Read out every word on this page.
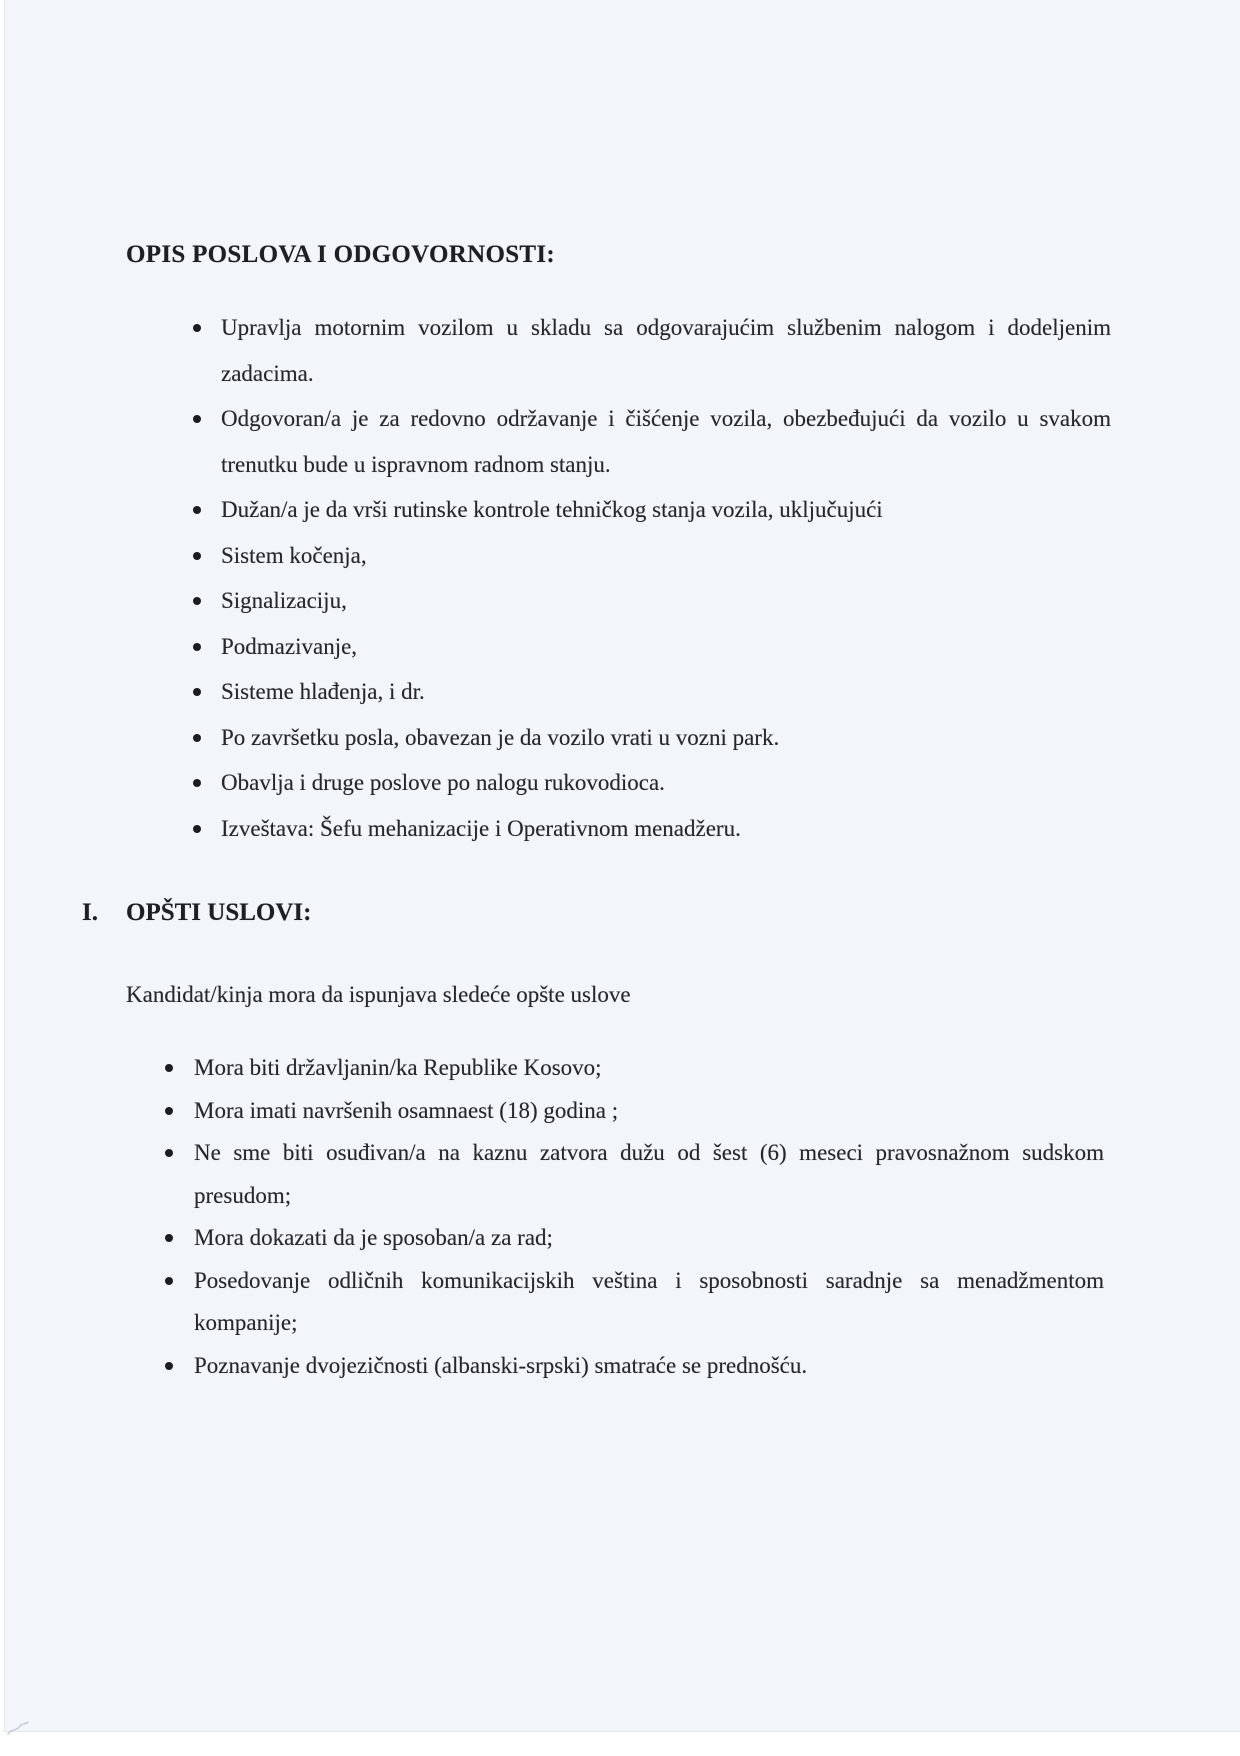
OPIS POSLOVA I ODGOVORNOSTI:
Upravlja motornim vozilom u skladu sa odgovarajućim službenim nalogom i dodeljenim zadacima.
Odgovoran/a je za redovno održavanje i čišćenje vozila, obezbeđujući da vozilo u svakom trenutku bude u ispravnom radnom stanju.
Dužan/a je da vrši rutinske kontrole tehničkog stanja vozila, uključujući
Sistem kočenja,
Signalizaciju,
Podmazivanje,
Sisteme hlađenja, i dr.
Po završetku posla, obavezan je da vozilo vrati u vozni park.
Obavlja i druge poslove po nalogu rukovodioca.
Izveštava: Šefu mehanizacije i Operativnom menadžeru.
I. OPŠTI USLOVI:

Kandidat/kinja mora da ispunjava sledeće opšte uslove

Mora biti državljanin/ka Republike Kosovo;
Mora imati navršenih osamnaest (18) godina ;
Ne sme biti osuđivan/a na kaznu zatvora dužu od šest (6) meseci pravosnažnom sudskom presudom;
Mora dokazati da je sposoban/a za rad;
Posedovanje odličnih komunikacijskih veština i sposobnosti saradnje sa menadžmentom kompanije;
Poznavanje dvojezičnosti (albanski-srpski) smatraće se prednošću.
